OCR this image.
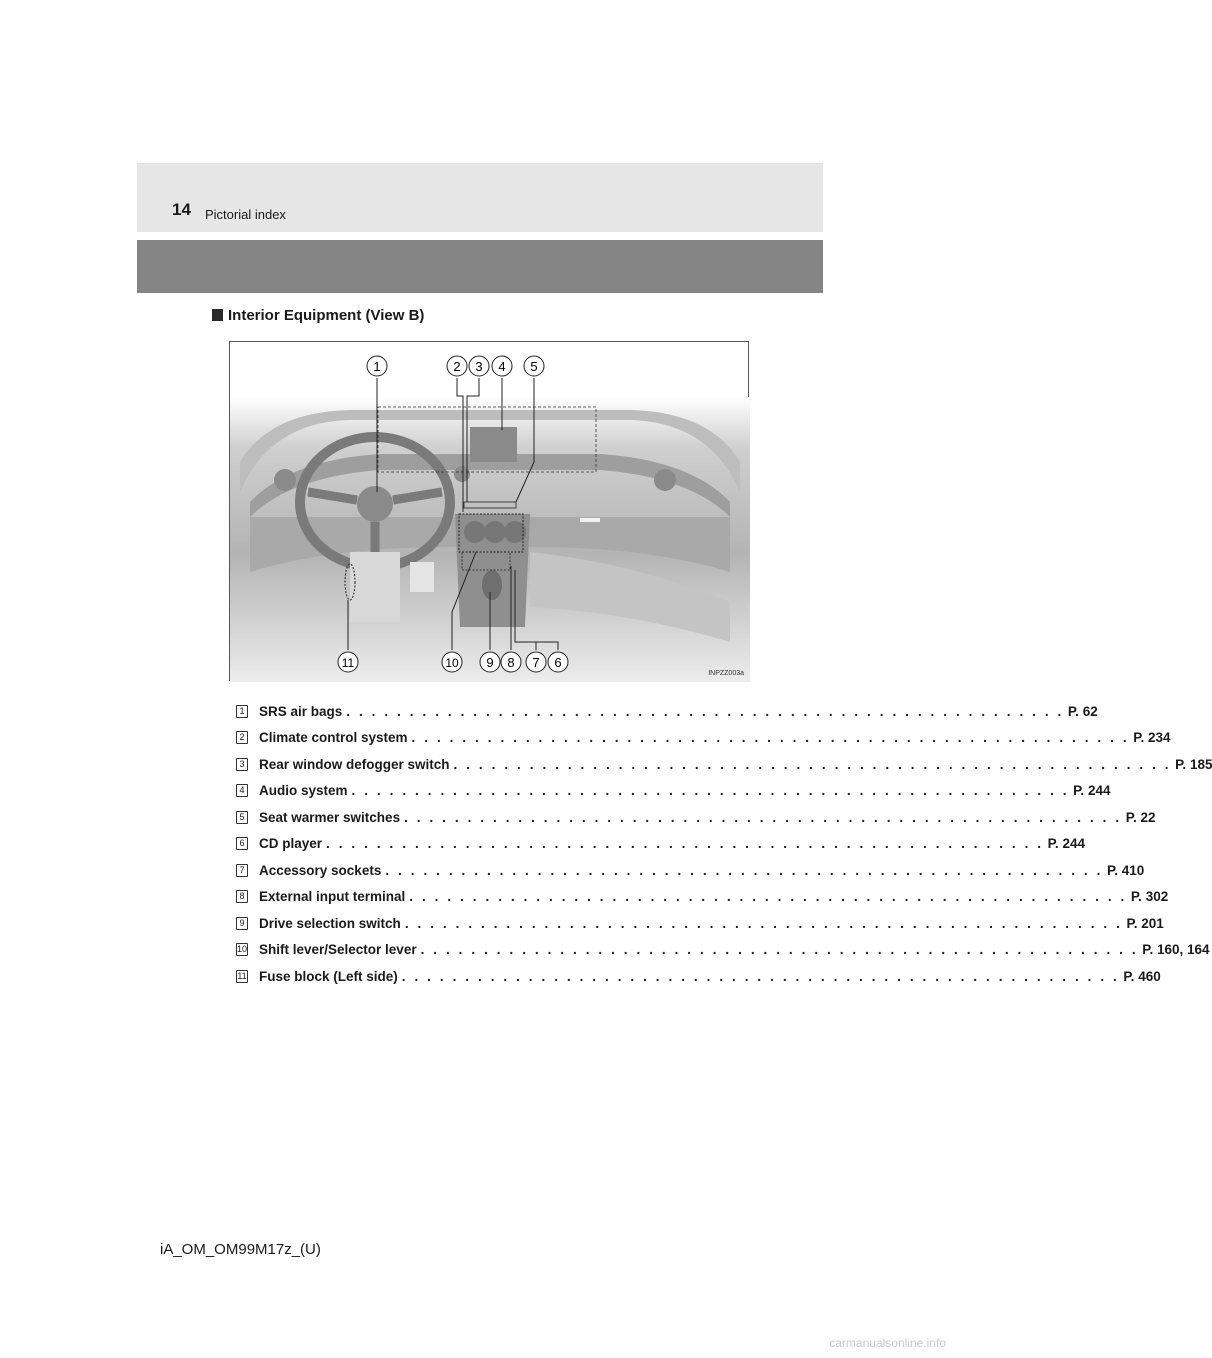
14 Pictorial index
Interior Equipment (View B)
1	2 3 4 5
11	10 9 8 7 6
INPZZ003a
1 SRS air bags . . . . . . . . . . . . . . . . . . . . . . . . . . . . . . . . . . . . . . . . . . . . . . . . . . . . . . . . . P. 62
2 Climate control system . . . . . . . . . . . . . . . . . . . . . . . . . . . . . . . . . . . . . . . . . . . . . . . . . . . . . . . . . P. 234
3 Rear window defogger switch . . . . . . . . . . . . . . . . . . . . . . . . . . . . . . . . . . . . . . . . . . . . . . . . . . . . . . . . . P. 185
4 Audio system . . . . . . . . . . . . . . . . . . . . . . . . . . . . . . . . . . . . . . . . . . . . . . . . . . . . . . . . . P. 244
5 Seat warmer switches . . . . . . . . . . . . . . . . . . . . . . . . . . . . . . . . . . . . . . . . . . . . . . . . . . . . . . . . . P. 22
6 CD player . . . . . . . . . . . . . . . . . . . . . . . . . . . . . . . . . . . . . . . . . . . . . . . . . . . . . . . . . P. 244
7 Accessory sockets . . . . . . . . . . . . . . . . . . . . . . . . . . . . . . . . . . . . . . . . . . . . . . . . . . . . . . . . . P. 410
8 External input terminal . . . . . . . . . . . . . . . . . . . . . . . . . . . . . . . . . . . . . . . . . . . . . . . . . . . . . . . . . P. 302
9 Drive selection switch . . . . . . . . . . . . . . . . . . . . . . . . . . . . . . . . . . . . . . . . . . . . . . . . . . . . . . . . . P. 201
10 Shift lever/Selector lever . . . . . . . . . . . . . . . . . . . . . . . . . . . . . . . . . . . . . . . . . . . . . . . . . . . . . . . . . P. 160, 164
11 Fuse block (Left side) . . . . . . . . . . . . . . . . . . . . . . . . . . . . . . . . . . . . . . . . . . . . . . . . . . . . . . . . . P. 460
iA_OM_OM99M17z_(U)
carmanualsonline.info
